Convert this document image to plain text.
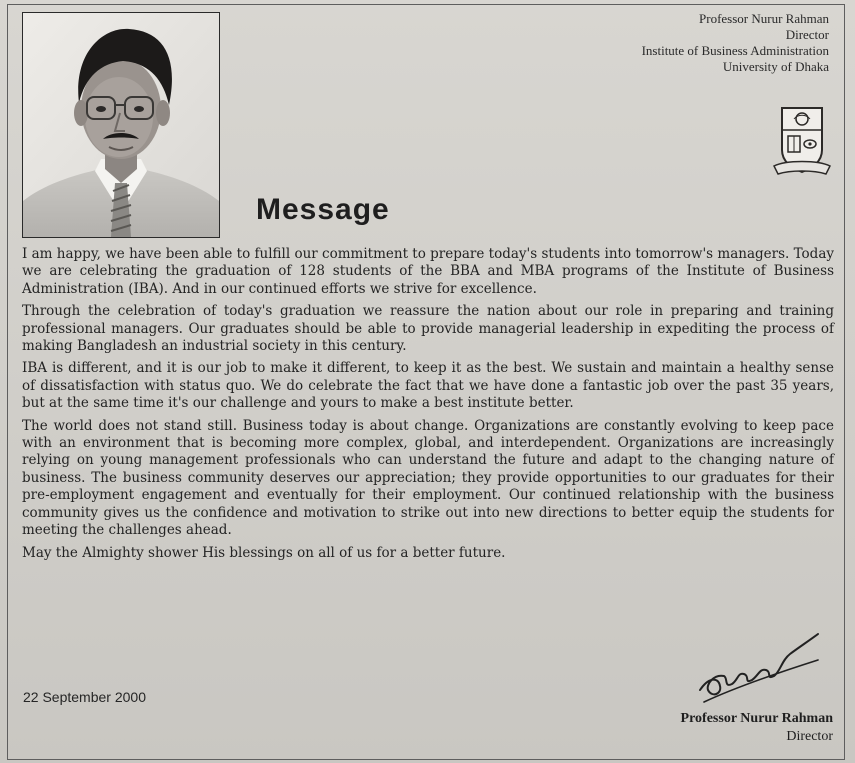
Professor Nurur Rahman
Director
Institute of Business Administration
University of Dhaka
Message

I am happy, we have been able to fulfill our commitment to prepare today's students into tomorrow's managers. Today we are celebrating the graduation of 128 students of the BBA and MBA programs of the Institute of Business Administration (IBA). And in our continued efforts we strive for excellence.

Through the celebration of today's graduation we reassure the nation about our role in preparing and training professional managers. Our graduates should be able to provide managerial leadership in expediting the process of making Bangladesh an industrial society in this century.

IBA is different, and it is our job to make it different, to keep it as the best. We sustain and maintain a healthy sense of dissatisfaction with status quo. We do celebrate the fact that we have done a fantastic job over the past 35 years, but at the same time it's our challenge and yours to make a best institute better.

The world does not stand still. Business today is about change. Organizations are constantly evolving to keep pace with an environment that is becoming more complex, global, and interdependent. Organizations are increasingly relying on young management professionals who can understand the future and adapt to the changing nature of business. The business community deserves our appreciation; they provide opportunities to our graduates for their pre-employment engagement and eventually for their employment. Our continued relationship with the business community gives us the confidence and motivation to strike out into new directions to better equip the students for meeting the challenges ahead.

May the Almighty shower His blessings on all of us for a better future.

22 September 2000
Professor Nurur Rahman
Director
